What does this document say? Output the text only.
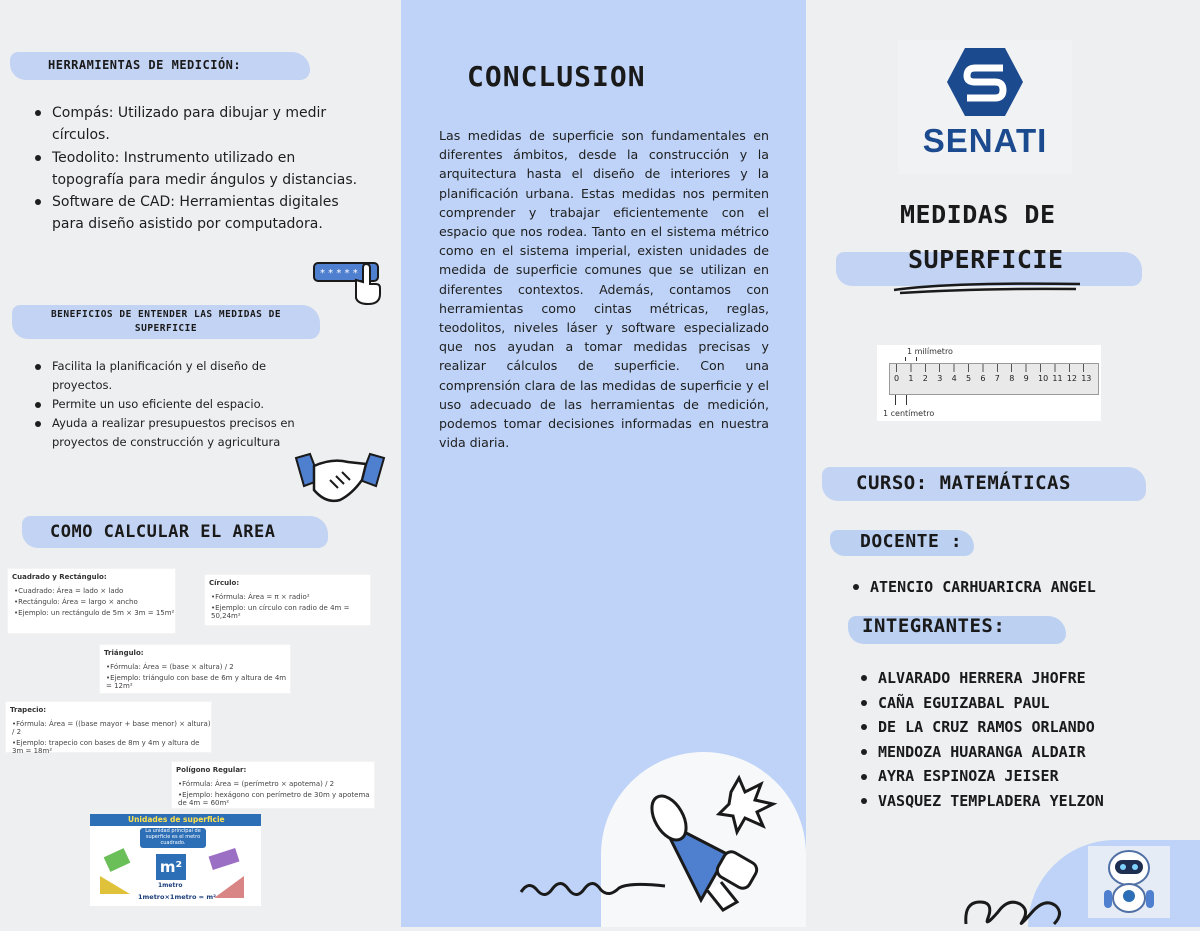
HERRAMIENTAS DE MEDICIÓN:
Compás: Utilizado para dibujar y medir círculos.
Teodolito: Instrumento utilizado en topografía para medir ángulos y distancias.
Software de CAD: Herramientas digitales para diseño asistido por computadora.
* * * * *
BENEFICIOS DE ENTENDER LAS MEDIDAS DE SUPERFICIE
Facilita la planificación y el diseño de proyectos.
Permite un uso eficiente del espacio.
Ayuda a realizar presupuestos precisos en proyectos de construcción y agricultura
COMO CALCULAR EL AREA
Cuadrado y Rectángulo:
• Cuadrado: Área = lado × lado
• Rectángulo: Área = largo × ancho
• Ejemplo: un rectángulo de 5m × 3m = 15m²
Círculo:
• Fórmula: Área = π × radio²
• Ejemplo: un círculo con radio de 4m = 50,24m²
Triángulo:
• Fórmula: Área = (base × altura) / 2
• Ejemplo: triángulo con base de 6m y altura de 4m = 12m²
Trapecio:
• Fórmula: Área = ((base mayor + base menor) × altura) / 2
• Ejemplo: trapecio con bases de 8m y 4m y altura de 3m = 18m²
Polígono Regular:
• Fórmula: Área = (perímetro × apotema) / 2
• Ejemplo: hexágono con perímetro de 30m y apotema de 4m = 60m²
Unidades de superficie
La unidad principal de superficie es el metro cuadrado.
m²
1metro
1metro×1metro = m²
CONCLUSION
Las medidas de superficie son fundamentales en diferentes ámbitos, desde la construcción y la arquitectura hasta el diseño de interiores y la planificación urbana. Estas medidas nos permiten comprender y trabajar eficientemente con el espacio que nos rodea. Tanto en el sistema métrico como en el sistema imperial, existen unidades de medida de superficie comunes que se utilizan en diferentes contextos. Además, contamos con herramientas como cintas métricas, reglas, teodolitos, niveles láser y software especializado que nos ayudan a tomar medidas precisas y realizar cálculos de superficie. Con una comprensión clara de las medidas de superficie y el uso adecuado de las herramientas de medición, podemos tomar decisiones informadas en nuestra vida diaria.
SENATI
MEDIDAS DE
SUPERFICIE
1 milímetro
0 1 2 3 4 5 6 7 8 9 10 11 12 13
1 centímetro
CURSO: MATEMÁTICAS
DOCENTE :
ATENCIO CARHUARICRA ANGEL
INTEGRANTES:
ALVARADO HERRERA JHOFRE
CAÑA EGUIZABAL PAUL
DE LA CRUZ RAMOS ORLANDO
MENDOZA HUARANGA ALDAIR
AYRA ESPINOZA JEISER
VASQUEZ TEMPLADERA YELZON
